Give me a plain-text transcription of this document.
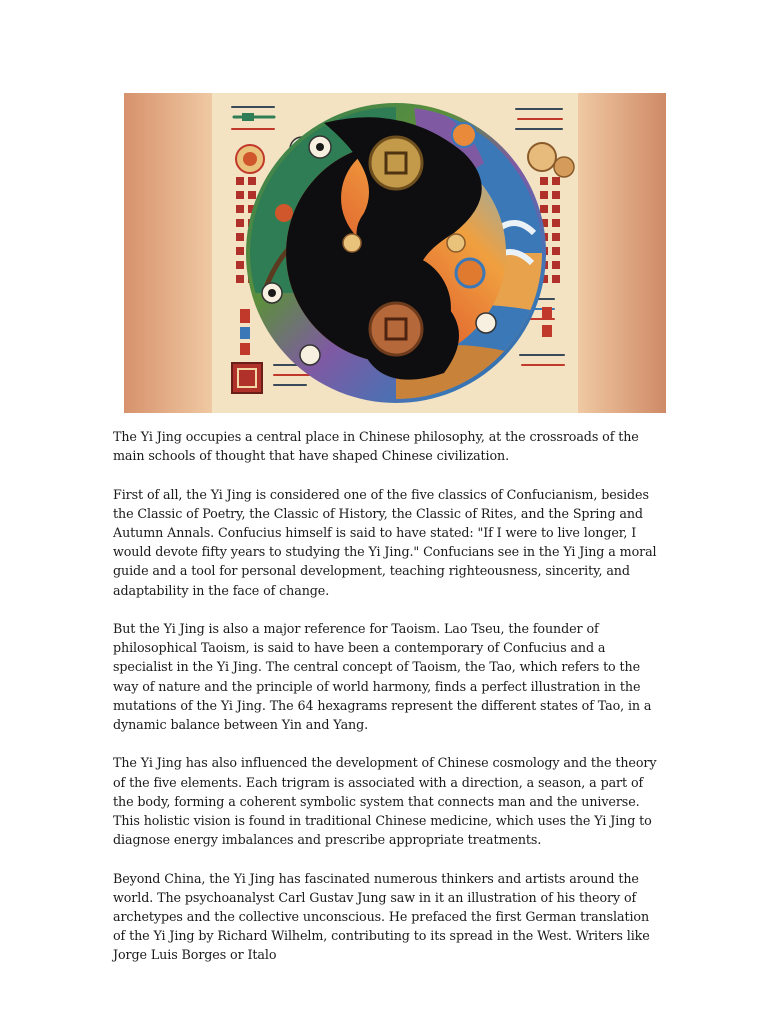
The Yi Jing occupies a central place in Chinese philosophy, at the crossroads of the main schools of thought that have shaped Chinese civilization.

First of all, the Yi Jing is considered one of the five classics of Confucianism, besides the Classic of Poetry, the Classic of History, the Classic of Rites, and the Spring and Autumn Annals. Confucius himself is said to have stated: "If I were to live longer, I would devote fifty years to studying the Yi Jing." Confucians see in the Yi Jing a moral guide and a tool for personal development, teaching righteousness, sincerity, and adaptability in the face of change.

But the Yi Jing is also a major reference for Taoism. Lao Tseu, the founder of philosophical Taoism, is said to have been a contemporary of Confucius and a specialist in the Yi Jing. The central concept of Taoism, the Tao, which refers to the way of nature and the principle of world harmony, finds a perfect illustration in the mutations of the Yi Jing. The 64 hexagrams represent the different states of Tao, in a dynamic balance between Yin and Yang.

The Yi Jing has also influenced the development of Chinese cosmology and the theory of the five elements. Each trigram is associated with a direction, a season, a part of the body, forming a coherent symbolic system that connects man and the universe. This holistic vision is found in traditional Chinese medicine, which uses the Yi Jing to diagnose energy imbalances and prescribe appropriate treatments.

Beyond China, the Yi Jing has fascinated numerous thinkers and artists around the world. The psychoanalyst Carl Gustav Jung saw in it an illustration of his theory of archetypes and the collective unconscious. He prefaced the first German translation of the Yi Jing by Richard Wilhelm, contributing to its spread in the West. Writers like Jorge Luis Borges or Italo
